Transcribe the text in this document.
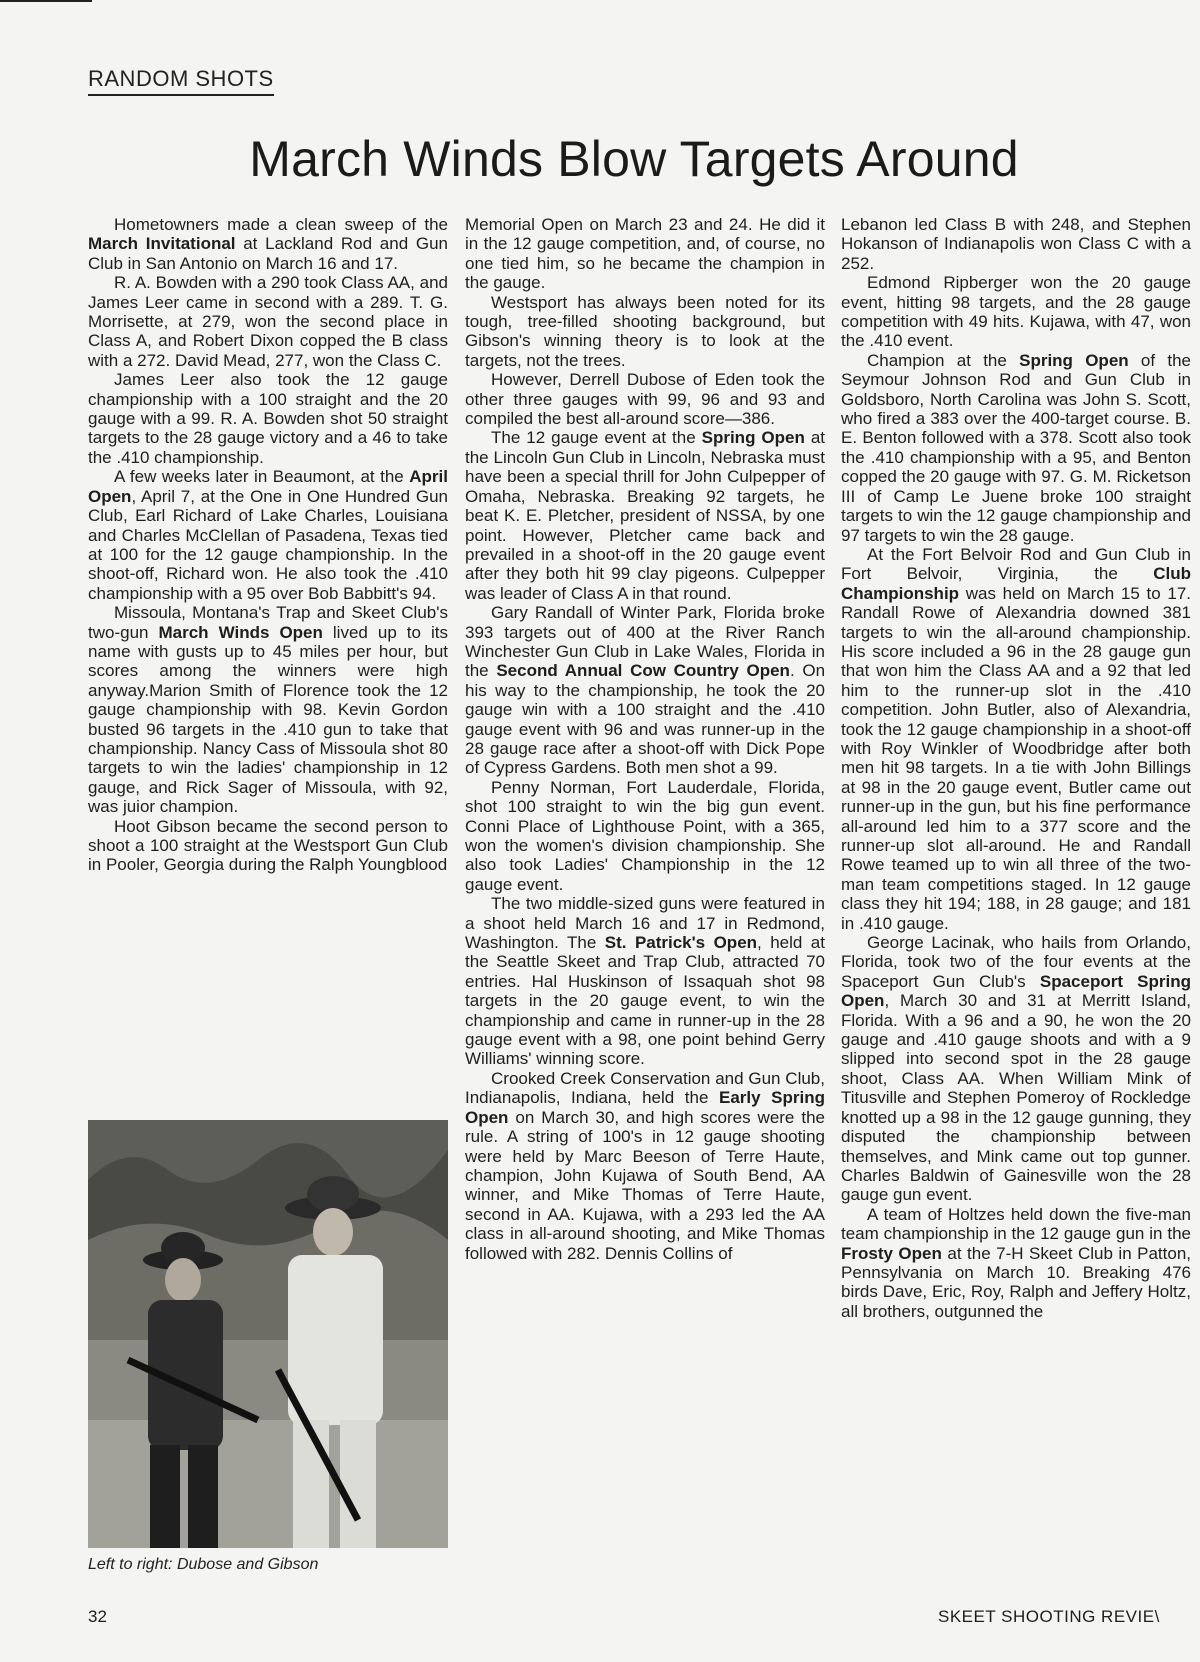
RANDOM SHOTS
March Winds Blow Targets Around

Hometowners made a clean sweep of the March Invitational at Lackland Rod and Gun Club in San Antonio on March 16 and 17.

R. A. Bowden with a 290 took Class AA, and James Leer came in second with a 289. T. G. Morrisette, at 279, won the second place in Class A, and Robert Dixon copped the B class with a 272. David Mead, 277, won the Class C.

James Leer also took the 12 gauge championship with a 100 straight and the 20 gauge with a 99. R. A. Bowden shot 50 straight targets to the 28 gauge victory and a 46 to take the .410 championship.

A few weeks later in Beaumont, at the April Open, April 7, at the One in One Hundred Gun Club, Earl Richard of Lake Charles, Louisiana and Charles McClellan of Pasadena, Texas tied at 100 for the 12 gauge championship. In the shoot-off, Richard won. He also took the .410 championship with a 95 over Bob Babbitt's 94.

Missoula, Montana's Trap and Skeet Club's two-gun March Winds Open lived up to its name with gusts up to 45 miles per hour, but scores among the winners were high anyway.Marion Smith of Florence took the 12 gauge championship with 98. Kevin Gordon busted 96 targets in the .410 gun to take that championship. Nancy Cass of Missoula shot 80 targets to win the ladies' championship in 12 gauge, and Rick Sager of Missoula, with 92, was juior champion.

Hoot Gibson became the second person to shoot a 100 straight at the Westsport Gun Club in Pooler, Georgia during the Ralph Youngblood

Left to right: Dubose and Gibson

Memorial Open on March 23 and 24. He did it in the 12 gauge competition, and, of course, no one tied him, so he became the champion in the gauge.

Westsport has always been noted for its tough, tree-filled shooting background, but Gibson's winning theory is to look at the targets, not the trees.

However, Derrell Dubose of Eden took the other three gauges with 99, 96 and 93 and compiled the best all-around score—386.

The 12 gauge event at the Spring Open at the Lincoln Gun Club in Lincoln, Nebraska must have been a special thrill for John Culpepper of Omaha, Nebraska. Breaking 92 targets, he beat K. E. Pletcher, president of NSSA, by one point. However, Pletcher came back and prevailed in a shoot-off in the 20 gauge event after they both hit 99 clay pigeons. Culpepper was leader of Class A in that round.

Gary Randall of Winter Park, Florida broke 393 targets out of 400 at the River Ranch Winchester Gun Club in Lake Wales, Florida in the Second Annual Cow Country Open. On his way to the championship, he took the 20 gauge win with a 100 straight and the .410 gauge event with 96 and was runner-up in the 28 gauge race after a shoot-off with Dick Pope of Cypress Gardens. Both men shot a 99.

Penny Norman, Fort Lauderdale, Florida, shot 100 straight to win the big gun event. Conni Place of Lighthouse Point, with a 365, won the women's division championship. She also took Ladies' Championship in the 12 gauge event.

The two middle-sized guns were featured in a shoot held March 16 and 17 in Redmond, Washington. The St. Patrick's Open, held at the Seattle Skeet and Trap Club, attracted 70 entries. Hal Huskinson of Issaquah shot 98 targets in the 20 gauge event, to win the championship and came in runner-up in the 28 gauge event with a 98, one point behind Gerry Williams' winning score.

Crooked Creek Conservation and Gun Club, Indianapolis, Indiana, held the Early Spring Open on March 30, and high scores were the rule. A string of 100's in 12 gauge shooting were held by Marc Beeson of Terre Haute, champion, John Kujawa of South Bend, AA winner, and Mike Thomas of Terre Haute, second in AA. Kujawa, with a 293 led the AA class in all-around shooting, and Mike Thomas followed with 282. Dennis Collins of

Lebanon led Class B with 248, and Stephen Hokanson of Indianapolis won Class C with a 252.

Edmond Ripberger won the 20 gauge event, hitting 98 targets, and the 28 gauge competition with 49 hits. Kujawa, with 47, won the .410 event.

Champion at the Spring Open of the Seymour Johnson Rod and Gun Club in Goldsboro, North Carolina was John S. Scott, who fired a 383 over the 400-target course. B. E. Benton followed with a 378. Scott also took the .410 championship with a 95, and Benton copped the 20 gauge with 97. G. M. Ricketson III of Camp Le Juene broke 100 straight targets to win the 12 gauge championship and 97 targets to win the 28 gauge.

At the Fort Belvoir Rod and Gun Club in Fort Belvoir, Virginia, the Club Championship was held on March 15 to 17. Randall Rowe of Alexandria downed 381 targets to win the all-around championship. His score included a 96 in the 28 gauge gun that won him the Class AA and a 92 that led him to the runner-up slot in the .410 competition. John Butler, also of Alexandria, took the 12 gauge championship in a shoot-off with Roy Winkler of Woodbridge after both men hit 98 targets. In a tie with John Billings at 98 in the 20 gauge event, Butler came out runner-up in the gun, but his fine performance all-around led him to a 377 score and the runner-up slot all-around. He and Randall Rowe teamed up to win all three of the two-man team competitions staged. In 12 gauge class they hit 194; 188, in 28 gauge; and 181 in .410 gauge.

George Lacinak, who hails from Orlando, Florida, took two of the four events at the Spaceport Gun Club's Spaceport Spring Open, March 30 and 31 at Merritt Island, Florida. With a 96 and a 90, he won the 20 gauge and .410 gauge shoots and with a 9 slipped into second spot in the 28 gauge shoot, Class AA. When William Mink of Titusville and Stephen Pomeroy of Rockledge knotted up a 98 in the 12 gauge gunning, they disputed the championship between themselves, and Mink came out top gunner. Charles Baldwin of Gainesville won the 28 gauge gun event.

A team of Holtzes held down the five-man team championship in the 12 gauge gun in the Frosty Open at the 7-H Skeet Club in Patton, Pennsylvania on March 10. Breaking 476 birds Dave, Eric, Roy, Ralph and Jeffery Holtz, all brothers, outgunned the

32	SKEET SHOOTING REVIE\
